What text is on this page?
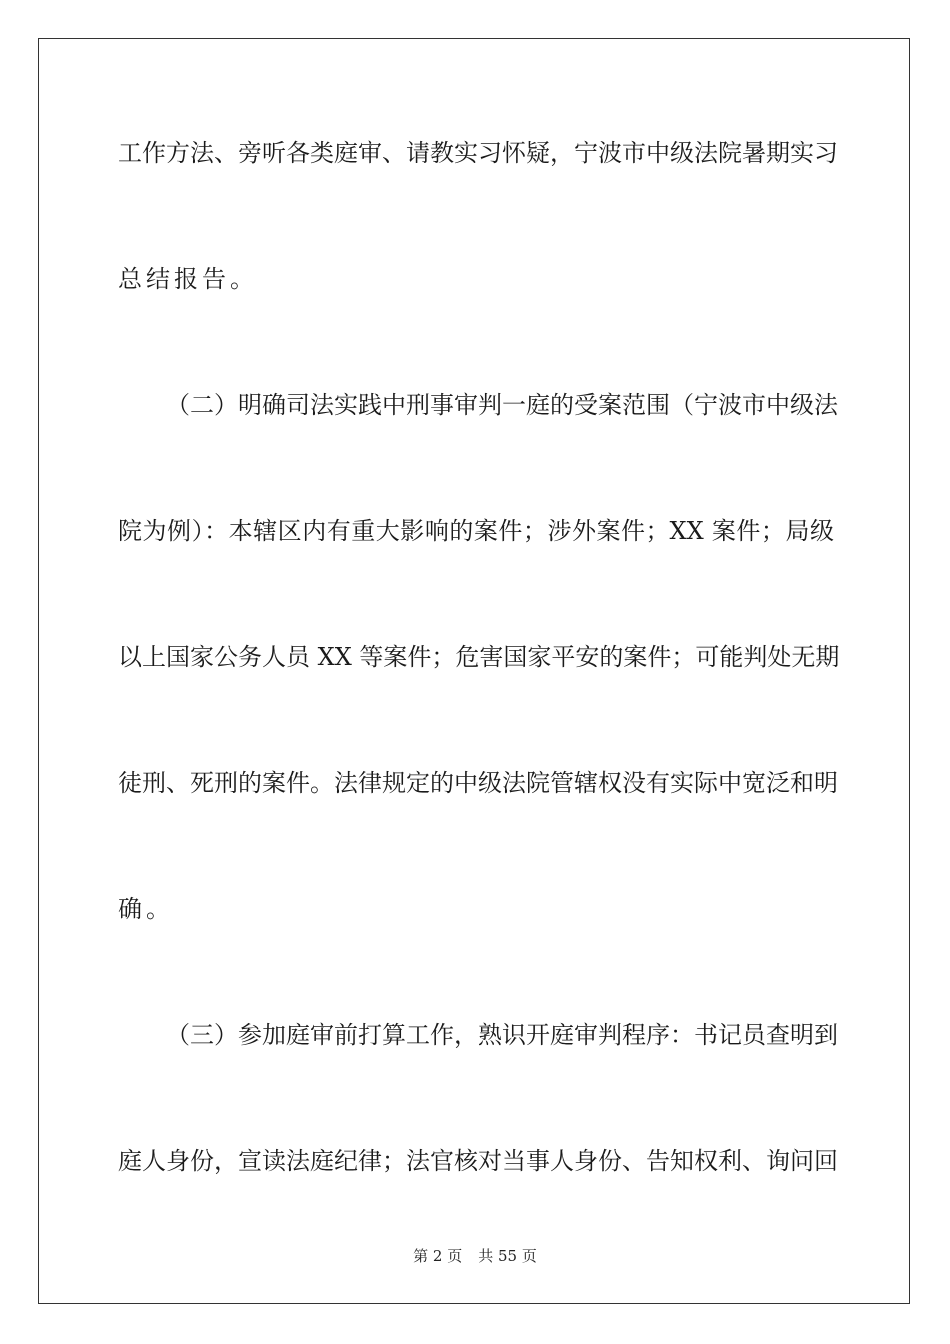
工作方法、旁听各类庭审、请教实习怀疑，宁波市中级法院暑期实习
总结报告。
（二）明确司法实践中刑事审判一庭的受案范围（宁波市中级法
院为例）：本辖区内有重大影响的案件；涉外案件；XX 案件；局级
以上国家公务人员 XX 等案件；危害国家平安的案件；可能判处无期
徒刑、死刑的案件。法律规定的中级法院管辖权没有实际中宽泛和明
确。
（三）参加庭审前打算工作，熟识开庭审判程序：书记员查明到
庭人身份，宣读法庭纪律；法官核对当事人身份、告知权利、询问回
第 2 页 共 55 页
